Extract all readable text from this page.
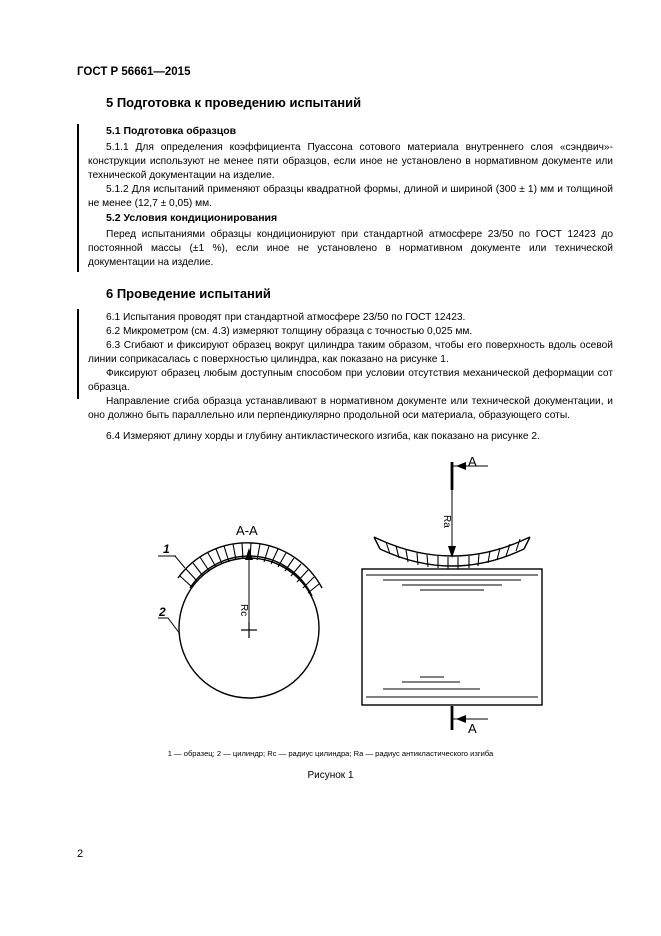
ГОСТ Р 56661—2015
5 Подготовка к проведению испытаний
5.1 Подготовка образцов
5.1.1 Для определения коэффициента Пуассона сотового материала внутреннего слоя «сэндвич»-конструкции используют не менее пяти образцов, если иное не установлено в нормативном документе или технической документации на изделие.
5.1.2 Для испытаний применяют образцы квадратной формы, длиной и шириной (300 ± 1) мм и толщиной не менее (12,7 ± 0,05) мм.
5.2 Условия кондиционирования
Перед испытаниями образцы кондиционируют при стандартной атмосфере 23/50 по ГОСТ 12423 до постоянной массы (±1 %), если иное не установлено в нормативном документе или технической документации на изделие.
6 Проведение испытаний
6.1 Испытания проводят при стандартной атмосфере 23/50 по ГОСТ 12423.
6.2 Микрометром (см. 4.3) измеряют толщину образца с точностью 0,025 мм.
6.3 Сгибают и фиксируют образец вокруг цилиндра таким образом, чтобы его поверхность вдоль осевой линии соприкасалась с поверхностью цилиндра, как показано на рисунке 1.
Фиксируют образец любым доступным способом при условии отсутствия механической деформации сот образца.
Направление сгиба образца устанавливают в нормативном документе или технической документации, и оно должно быть параллельно или перпендикулярно продольной оси материала, образующего соты.
6.4 Измеряют длину хорды и глубину антикластического изгиба, как показано на рисунке 2.
А-А
1
2	Rс
Ra
А
А
1 — образец; 2 — цилиндр; Rc — радиус цилиндра; Ra — радиус антикластического изгиба
Рисунок 1
2
